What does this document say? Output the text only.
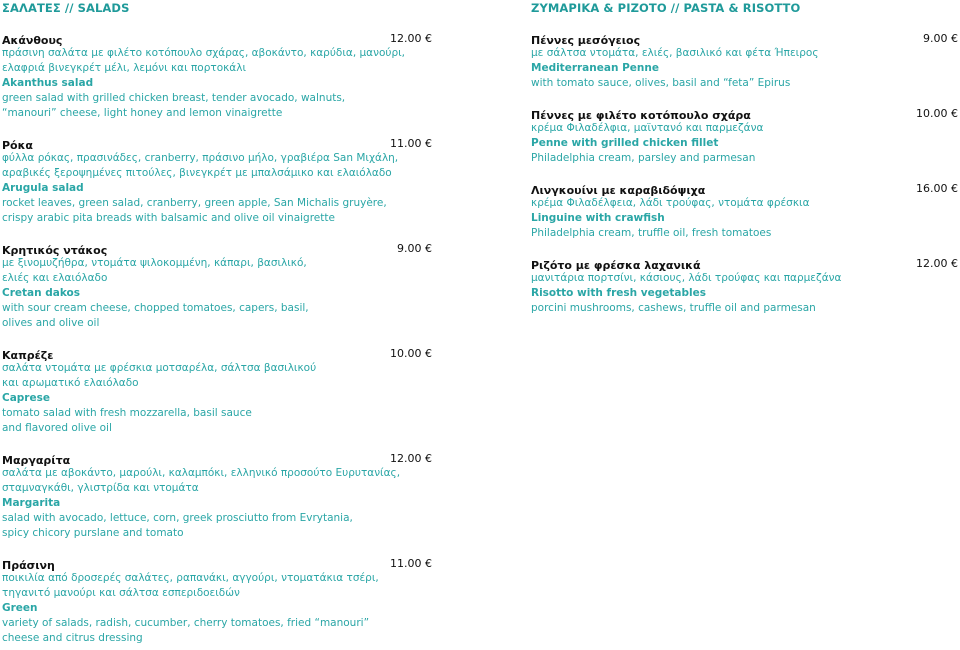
ΣΑΛΑΤΕΣ // SALADS
Ακάνθους	12.00 €
πράσινη σαλάτα με φιλέτο κοτόπουλο σχάρας, αβοκάντο, καρύδια, μανούρι,
ελαφριά βινεγκρέτ μέλι, λεμόνι και πορτοκάλι
Akanthus salad
green salad with grilled chicken breast, tender avocado, walnuts,
“manouri” cheese, light honey and lemon vinaigrette
Ρόκα	11.00 €
φύλλα ρόκας, πρασινάδες, cranberry, πράσινο μήλο, γραβιέρα San Μιχάλη,
αραβικές ξεροψημένες πιτούλες, βινεγκρέτ με μπαλσάμικο και ελαιόλαδο
Arugula salad
rocket leaves, green salad, cranberry, green apple, San Michalis gruyère,
crispy arabic pita breads with balsamic and olive oil vinaigrette
Κρητικός ντάκος	9.00 €
με ξινομυζήθρα, ντομάτα ψιλοκομμένη, κάπαρι, βασιλικό,
ελιές και ελαιόλαδο
Cretan dakos
with sour cream cheese, chopped tomatoes, capers, basil,
olives and olive oil
Καπρέζε	10.00 €
σαλάτα ντομάτα με φρέσκια μοτσαρέλα, σάλτσα βασιλικού
και αρωματικό ελαιόλαδο
Caprese
tomato salad with fresh mozzarella, basil sauce
and flavored olive oil
Μαργαρίτα	12.00 €
σαλάτα με αβοκάντο, μαρούλι, καλαμπόκι, ελληνικό προσούτο Ευρυτανίας,
σταμναγκάθι, γλιστρίδα και ντομάτα
Margarita
salad with avocado, lettuce, corn, greek prosciutto from Evrytania,
spicy chicory purslane and tomato
Πράσινη	11.00 €
ποικιλία από δροσερές σαλάτες, ραπανάκι, αγγούρι, ντοματάκια τσέρι,
τηγανιτό μανούρι και σάλτσα εσπεριδοειδών
Green
variety of salads, radish, cucumber, cherry tomatoes, fried “manouri”
cheese and citrus dressing
ΖΥΜΑΡΙΚΑ & ΡΙΖΟΤΟ // PASTA & RISOTTO
Πέννες μεσόγειος	9.00 €
με σάλτσα ντομάτα, ελιές, βασιλικό και φέτα Ήπειρος
Mediterranean Penne
with tomato sauce, olives, basil and “feta” Epirus
Πέννες με φιλέτο κοτόπουλο σχάρα	10.00 €
κρέμα Φιλαδέλφια, μαϊντανό και παρμεζάνα
Penne with grilled chicken fillet
Philadelphia cream, parsley and parmesan
Λινγκουίνι με καραβιδόψιχα	16.00 €
κρέμα Φιλαδέλφεια, λάδι τρούφας, ντομάτα φρέσκια
Linguine with crawfish
Philadelphia cream, truffle oil, fresh tomatoes
Ριζότο με φρέσκα λαχανικά	12.00 €
μανιτάρια πορτσίνι, κάσιους, λάδι τρούφας και παρμεζάνα
Risotto with fresh vegetables
porcini mushrooms, cashews, truffle oil and parmesan
